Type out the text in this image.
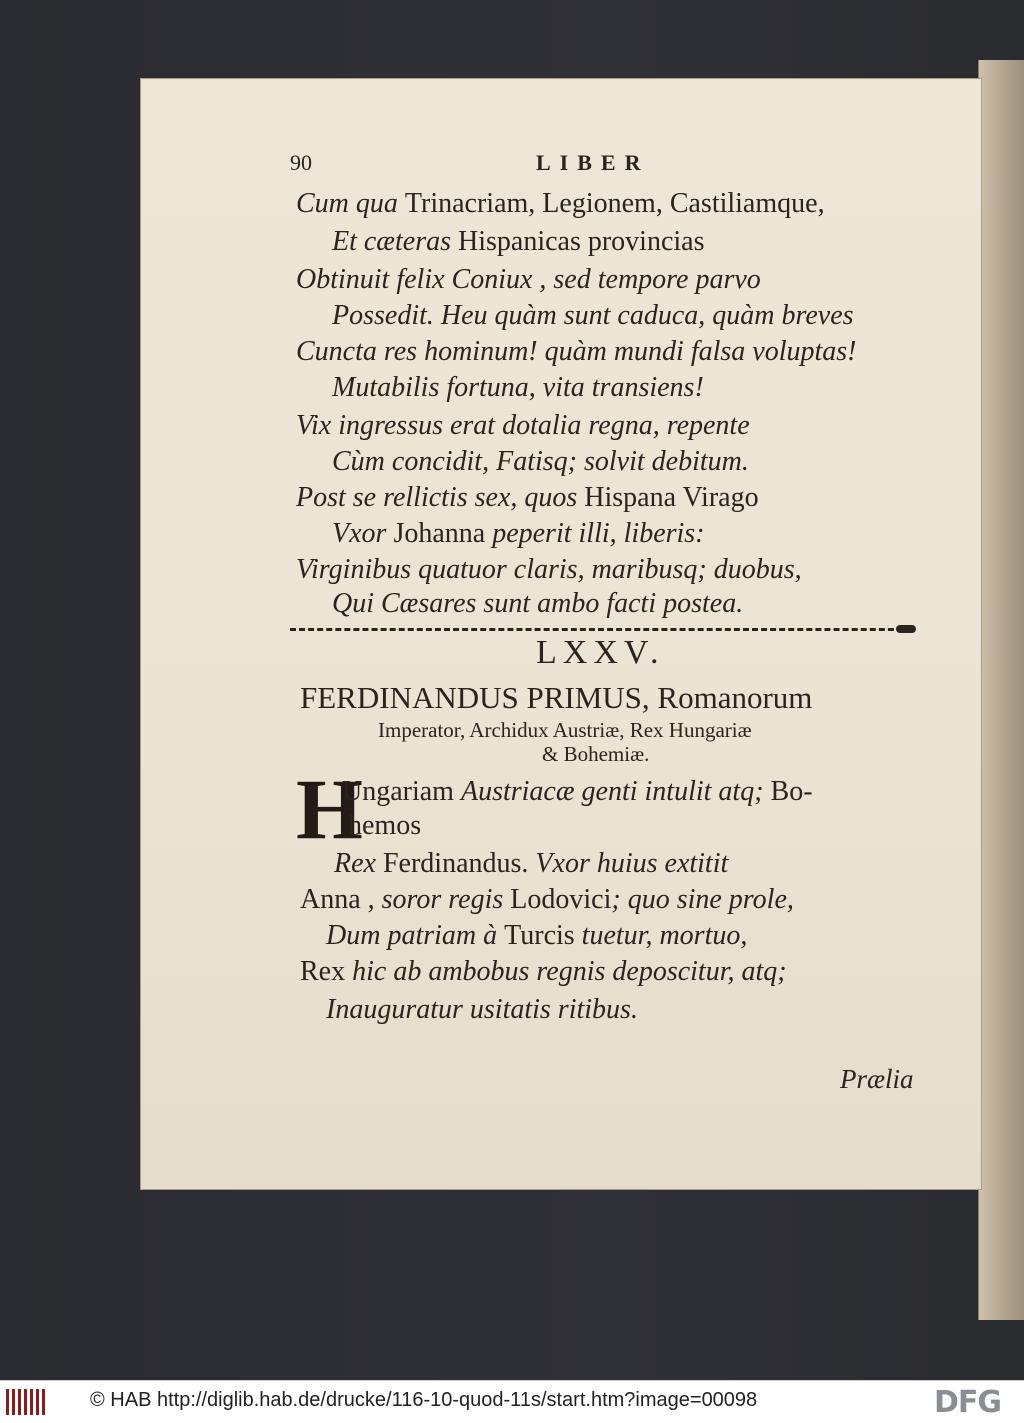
90	LIBER
Cum qua Trinacriam, Legionem, Castiliamque,
Et cæteras Hispanicas provincias
Obtinuit felix Coniux , sed tempore parvo
Possedit. Heu quàm sunt caduca, quàm breves
Cuncta res hominum! quàm mundi falsa voluptas!
Mutabilis fortuna, vita transiens!
Vix ingressus erat dotalia regna, repente
Cùm concidit, Fatisq; solvit debitum.
Post se rellictis sex, quos Hispana Virago
Vxor Johanna peperit illi, liberis:
Virginibus quatuor claris, maribusq; duobus,
Qui Cæsares sunt ambo facti postea.
LXXV.
FERDINANDUS PRIMUS, Romanorum
Imperator, Archidux Austriæ, Rex Hungariæ
& Bohemiæ.
H
Ungariam Austriacæ genti intulit atq; Bo-
hemos
Rex Ferdinandus. Vxor huius extitit
Anna , soror regis Lodovici; quo sine prole,
Dum patriam à Turcis tuetur, mortuo,
Rex hic ab ambobus regnis deposcitur, atq;
Inauguratur usitatis ritibus.
Prælia
© HAB http://diglib.hab.de/drucke/116-10-quod-11s/start.htm?image=00098	DFG
